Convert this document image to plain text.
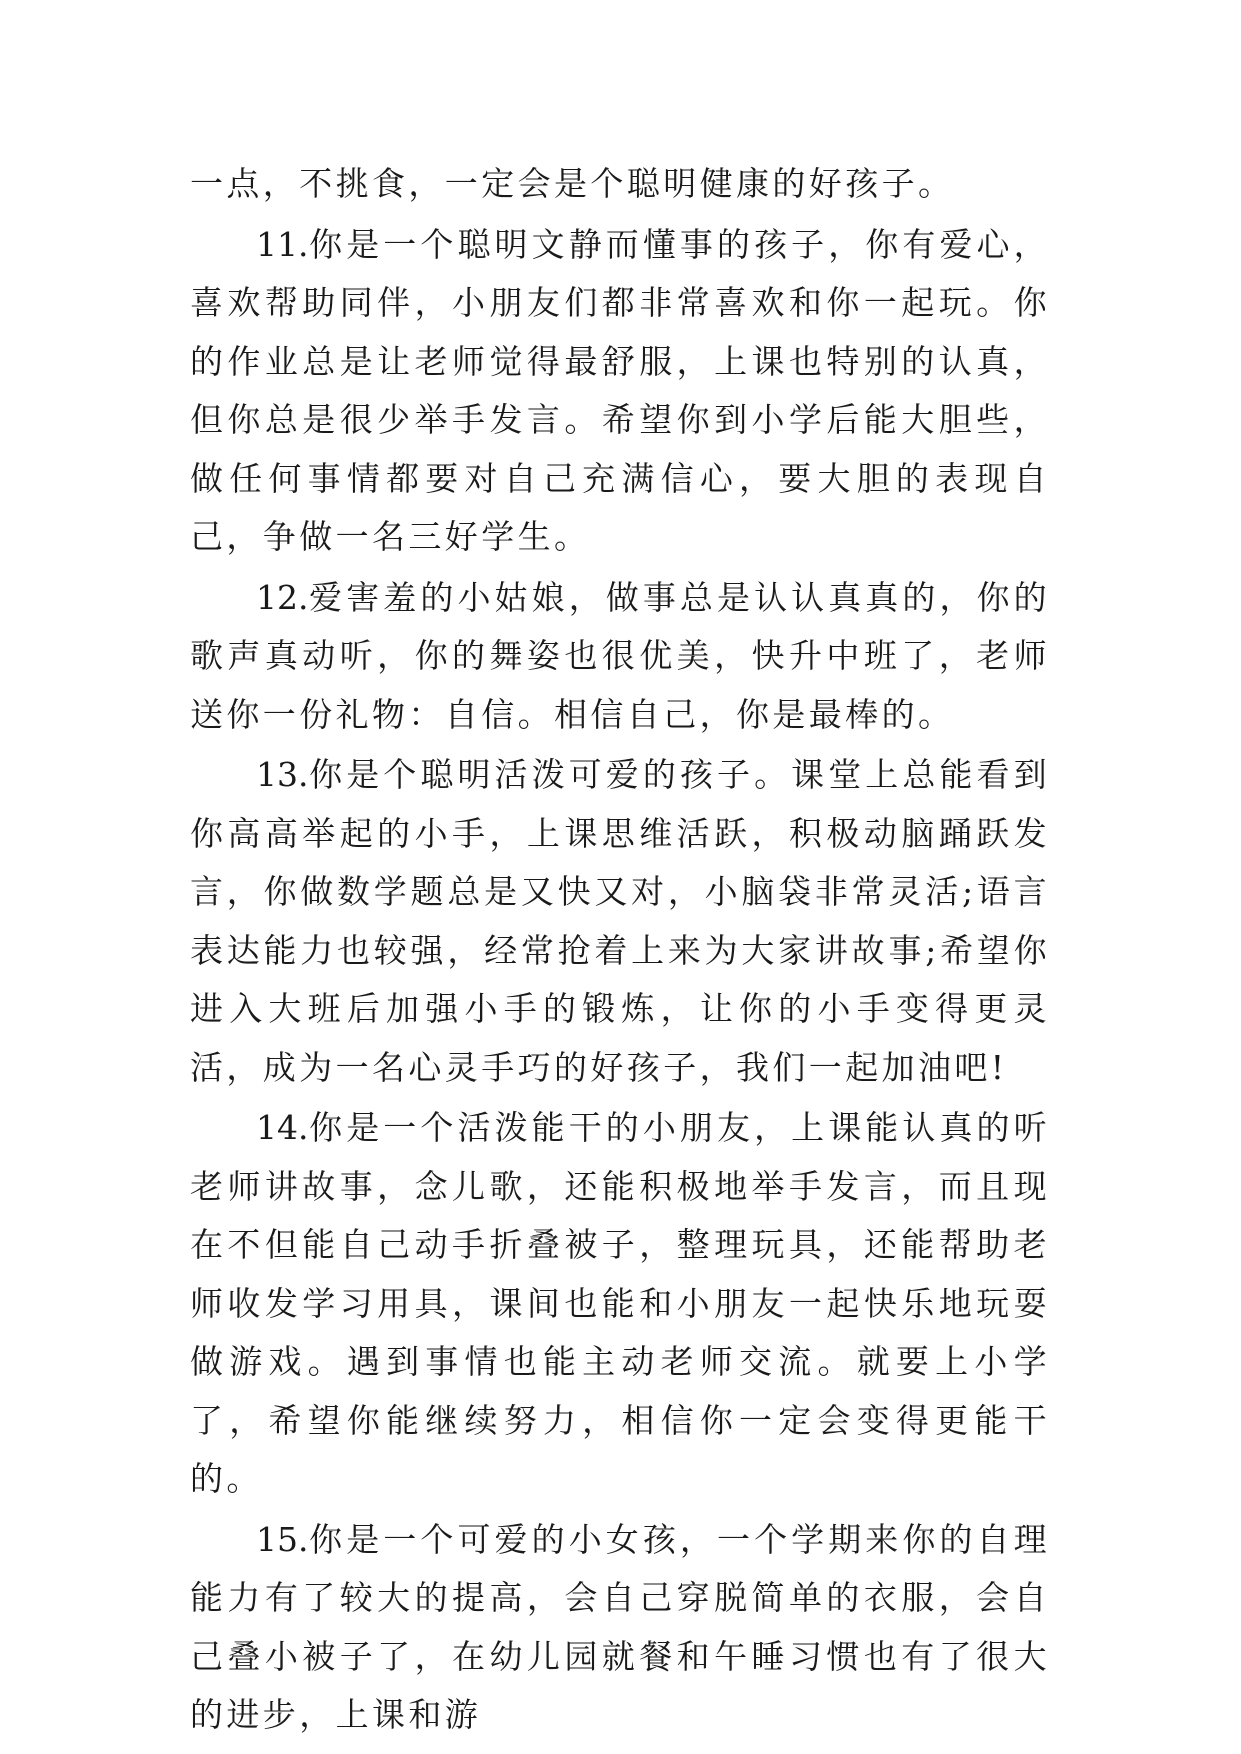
一点，不挑食，一定会是个聪明健康的好孩子。

11.你是一个聪明文静而懂事的孩子，你有爱心，喜欢帮助同伴，小朋友们都非常喜欢和你一起玩。你的作业总是让老师觉得最舒服，上课也特别的认真，但你总是很少举手发言。希望你到小学后能大胆些，做任何事情都要对自己充满信心，要大胆的表现自己，争做一名三好学生。

12.爱害羞的小姑娘，做事总是认认真真的，你的歌声真动听，你的舞姿也很优美，快升中班了，老师送你一份礼物：自信。相信自己，你是最棒的。

13.你是个聪明活泼可爱的孩子。课堂上总能看到你高高举起的小手，上课思维活跃，积极动脑踊跃发言，你做数学题总是又快又对，小脑袋非常灵活;语言表达能力也较强，经常抢着上来为大家讲故事;希望你进入大班后加强小手的锻炼，让你的小手变得更灵活，成为一名心灵手巧的好孩子，我们一起加油吧!

14.你是一个活泼能干的小朋友，上课能认真的听老师讲故事，念儿歌，还能积极地举手发言，而且现在不但能自己动手折叠被子，整理玩具，还能帮助老师收发学习用具，课间也能和小朋友一起快乐地玩耍做游戏。遇到事情也能主动老师交流。就要上小学了，希望你能继续努力，相信你一定会变得更能干的。

15.你是一个可爱的小女孩，一个学期来你的自理能力有了较大的提高，会自己穿脱简单的衣服，会自己叠小被子了，在幼儿园就餐和午睡习惯也有了很大的进步，上课和游
